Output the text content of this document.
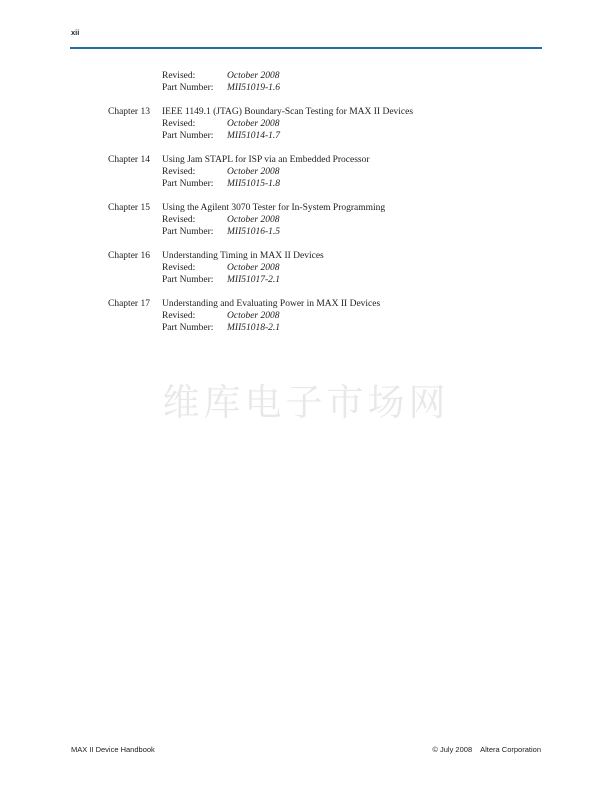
xii
Revised:	October 2008
Part Number: MII51019-1.6
Chapter 13 IEEE 1149.1 (JTAG) Boundary-Scan Testing for MAX II Devices
Revised:	October 2008
Part Number: MII51014-1.7
Chapter 14 Using Jam STAPL for ISP via an Embedded Processor
Revised:	October 2008
Part Number: MII51015-1.8
Chapter 15 Using the Agilent 3070 Tester for In-System Programming
Revised:	October 2008
Part Number: MII51016-1.5
Chapter 16 Understanding Timing in MAX II Devices
Revised:	October 2008
Part Number: MII51017-2.1
Chapter 17 Understanding and Evaluating Power in MAX II Devices
Revised:	October 2008
Part Number: MII51018-2.1
维库电子市场网
MAX II Device Handbook	© July 2008 Altera Corporation
